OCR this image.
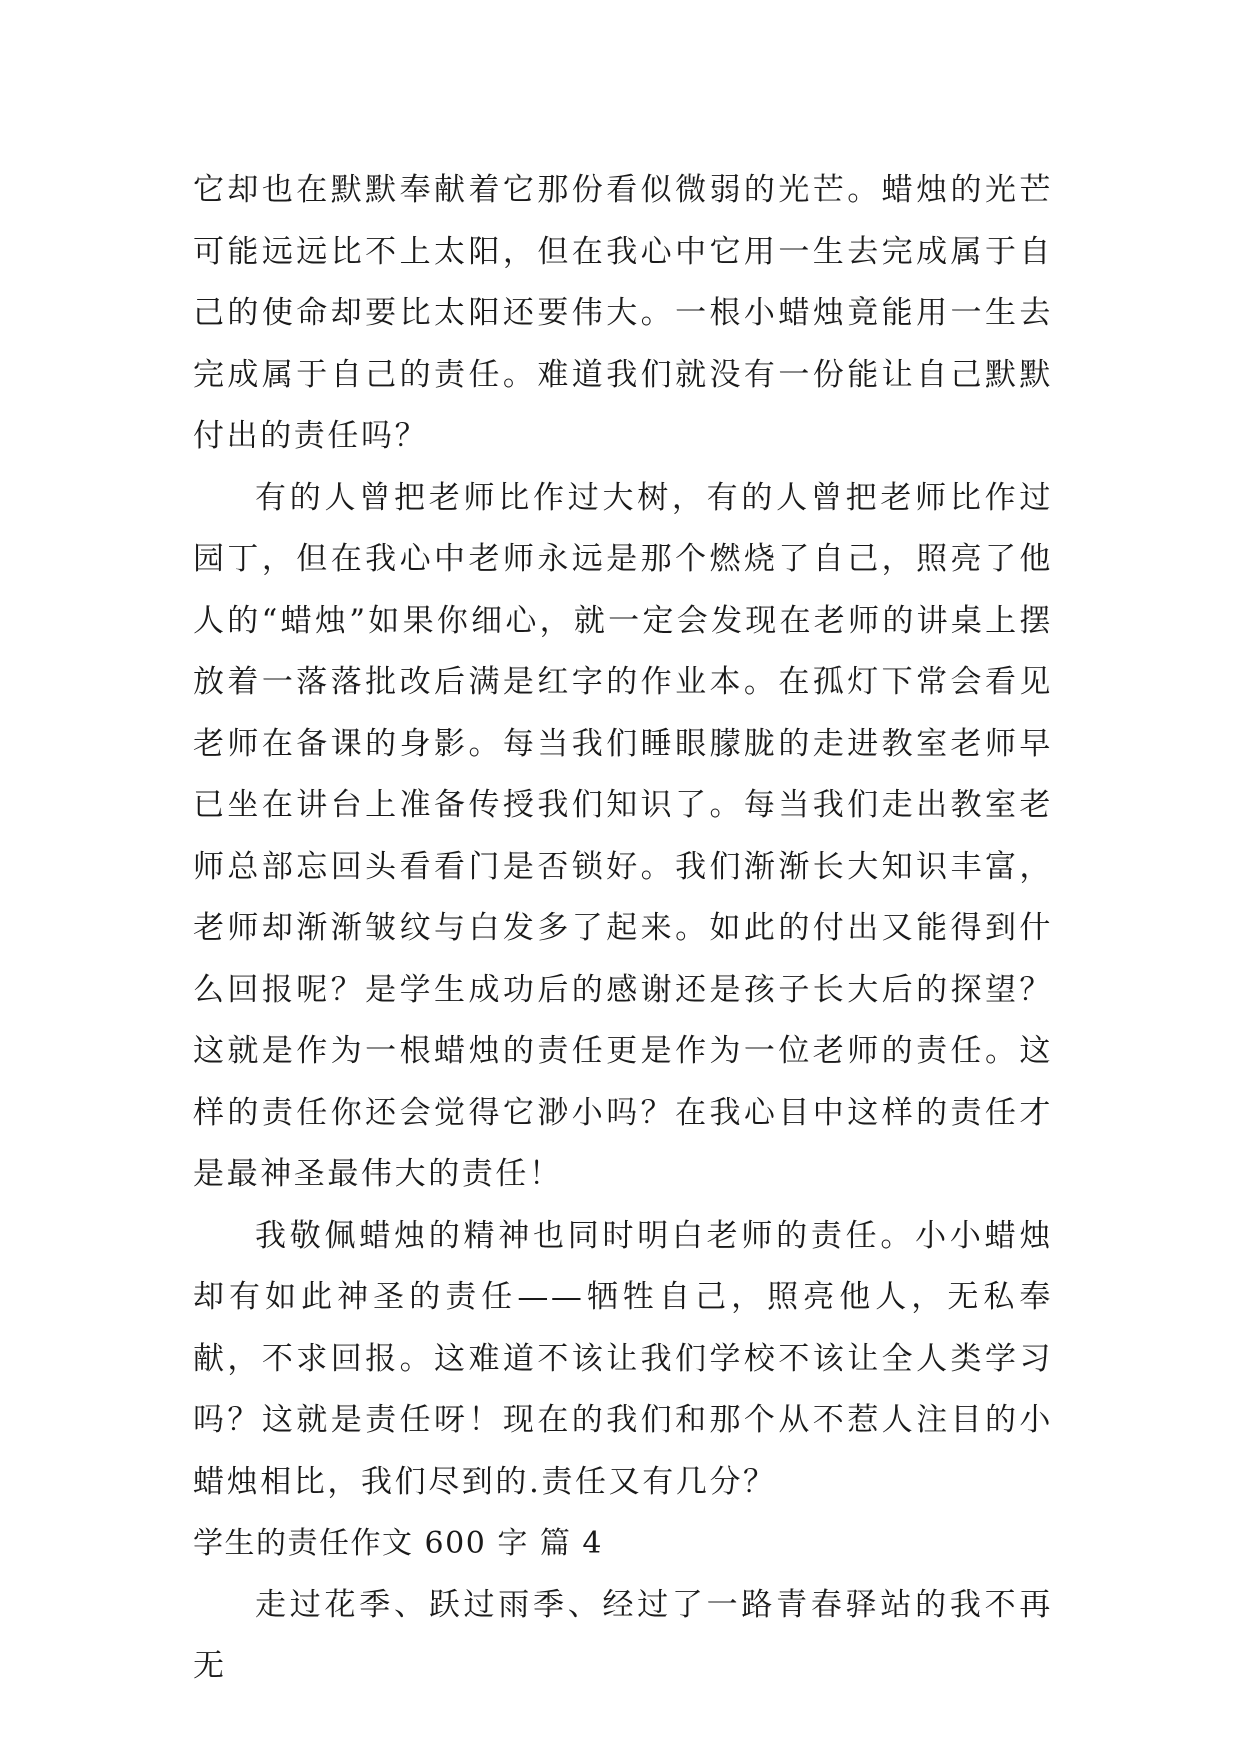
它却也在默默奉献着它那份看似微弱的光芒。蜡烛的光芒可能远远比不上太阳，但在我心中它用一生去完成属于自己的使命却要比太阳还要伟大。一根小蜡烛竟能用一生去完成属于自己的责任。难道我们就没有一份能让自己默默付出的责任吗？

有的人曾把老师比作过大树，有的人曾把老师比作过园丁，但在我心中老师永远是那个燃烧了自己，照亮了他人的“蜡烛”如果你细心，就一定会发现在老师的讲桌上摆放着一落落批改后满是红字的作业本。在孤灯下常会看见老师在备课的身影。每当我们睡眼朦胧的走进教室老师早已坐在讲台上准备传授我们知识了。每当我们走出教室老师总部忘回头看看门是否锁好。我们渐渐长大知识丰富，老师却渐渐皱纹与白发多了起来。如此的付出又能得到什么回报呢？是学生成功后的感谢还是孩子长大后的探望？这就是作为一根蜡烛的责任更是作为一位老师的责任。这样的责任你还会觉得它渺小吗？在我心目中这样的责任才是最神圣最伟大的责任！

我敬佩蜡烛的精神也同时明白老师的责任。小小蜡烛却有如此神圣的责任——牺牲自己，照亮他人，无私奉献，不求回报。这难道不该让我们学校不该让全人类学习吗？这就是责任呀！现在的我们和那个从不惹人注目的小蜡烛相比，我们尽到的.责任又有几分？

学生的责任作文 600 字 篇 4

走过花季、跃过雨季、经过了一路青春驿站的我不再无
